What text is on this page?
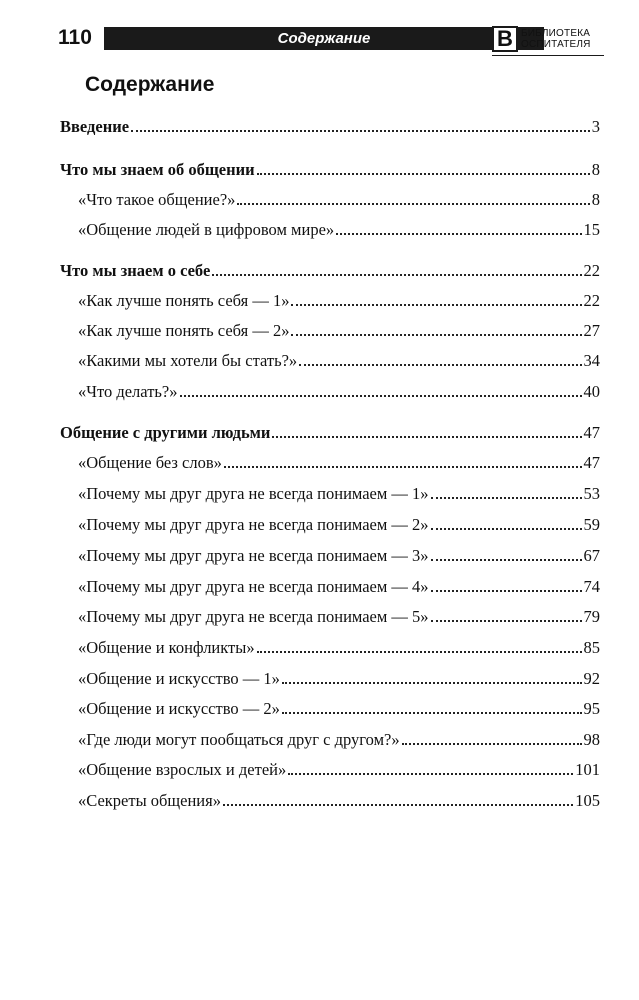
110	Содержание	В БИБЛИОТЕКА
ОСПИТАТЕЛЯ
Содержание
Введение	3
Что мы знаем об общении	8
«Что такое общение?»	8
«Общение людей в цифровом мире»	15
Что мы знаем о себе	22
«Как лучше понять себя — 1»	22
«Как лучше понять себя — 2»	27
«Какими мы хотели бы стать?»	34
«Что делать?»	40
Общение с другими людьми	47
«Общение без слов»	47
«Почему мы друг друга не всегда понимаем — 1»	53
«Почему мы друг друга не всегда понимаем — 2»	59
«Почему мы друг друга не всегда понимаем — 3»	67
«Почему мы друг друга не всегда понимаем — 4»	74
«Почему мы друг друга не всегда понимаем — 5»	79
«Общение и конфликты»	85
«Общение и искусство — 1»	92
«Общение и искусство — 2»	95
«Где люди могут пообщаться друг с другом?»	98
«Общение взрослых и детей»	101
«Секреты общения»	105
